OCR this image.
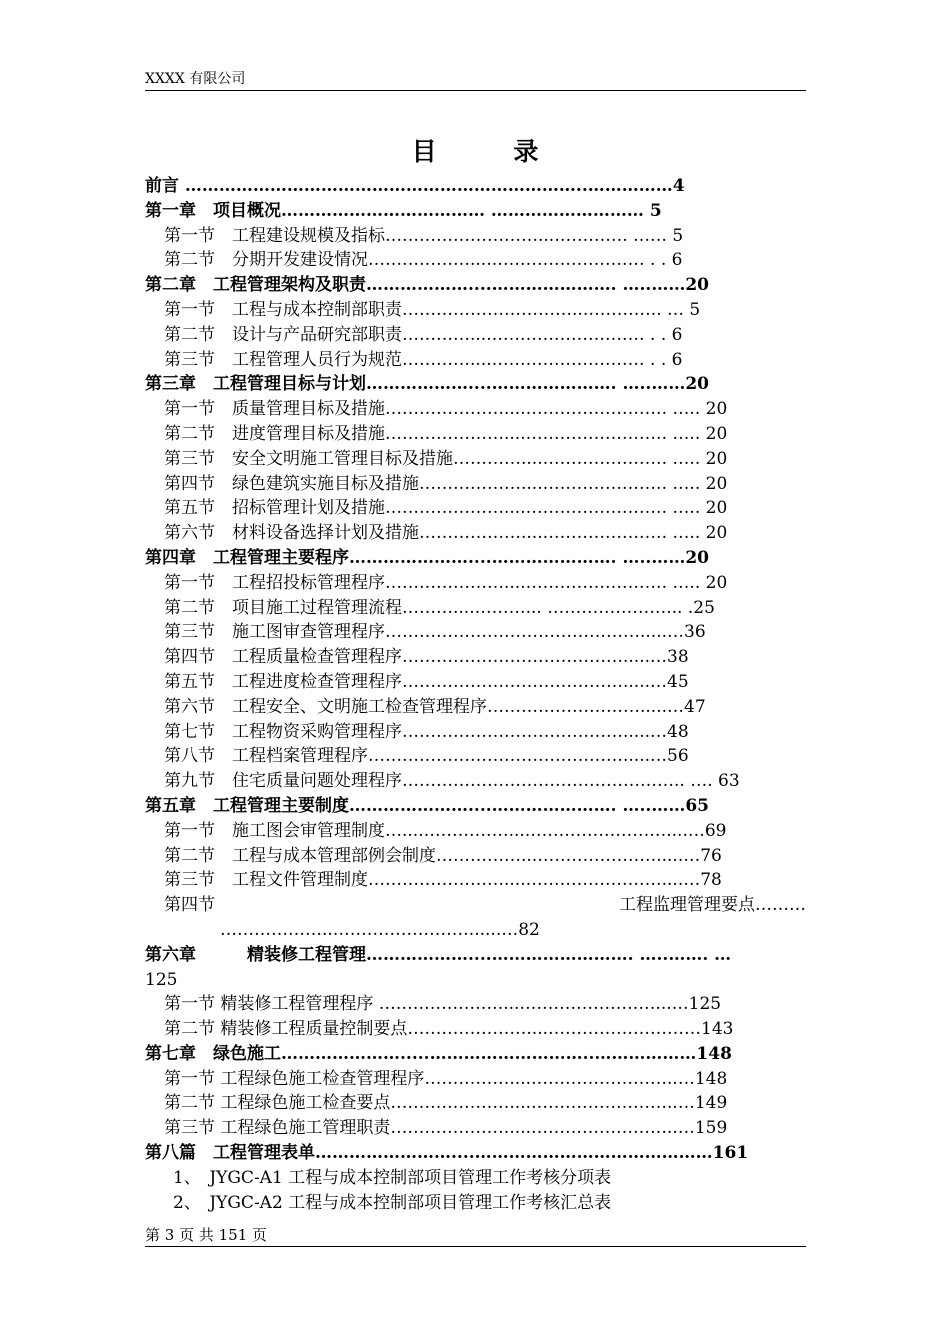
XXXX 有限公司
目 录
前言 ……………………………………………………………..……………4
第一章　项目概况……………………………… ……………………… 5
第一节　工程建设规模及指标………………………...…………. …… 5
第二节　分期开发建设情况………………....……………………… . . 6
第二章　工程管理架构及职责………………....…………………. …..……20
第一节　工程与成本控制部职责…………………………..………….. … 5
第二节　设计与产品研究部职责…………....……………………… . . 6
第三节　工程管理人员行为规范…………....……………………… . . 6
第三章　工程管理目标与计划………………....…………………. …..……20
第一节　质量管理目标及措施…………………....……………………. ….. 20
第二节　进度管理目标及措施…………………....……………………. ….. 20
第三节　安全文明施工管理目标及措施…………....…………………. ….. 20
第四节　绿色建筑实施目标及措施………………....…………………. ….. 20
第五节　招标管理计划及措施…………………....……………………. ….. 20
第六节　材料设备选择计划及措施………………....…………………. ….. 20
第四章　工程管理主要程序…………………....…………………. …..……20
第一节　工程招投标管理程序…………………....……………………. ….. 20
第二节　项目施工过程管理流程………....………... …………………... .25
第三节　施工图审查管理程序……………………………………….....…36
第四节　工程质量检查管理程序………………………………….....…38
第五节　工程进度检查管理程序………………………………….....…45
第六节　工程安全、文明施工检查管理程序……………………….....…47
第七节　工程物资采购管理程序………………………………….....…48
第八节　工程档案管理程序……………………………………….....…56
第九节　住宅质量问题处理程序………………………………………….. …. 63
第五章　工程管理主要制度…………………....…………………. …..……65
第一节　施工图会审管理制度…....……………....……………………....…69
第二节　工程与成本管理部例会制度……………...………………….....…76
第三节　工程文件管理制度……………………....……………………....…78
第四节	工程监理管理要点………
………………..……………………......…82
第六章　　　精装修工程管理………………....……………………. …..……. …
125
第一节 精装修工程管理程序 …………………....……………………...…125
第二节 精装修工程质量控制要点…………………....………………………143
第七章　绿色施工………………….....………………………..………………148
第一节 工程绿色施工检查管理程序……………....……………………..…148
第二节 工程绿色施工检查要点…………………....……………………..…149
第三节 工程绿色施工管理职责…………………....……………………..…159
第八篇　工程管理表单……………………....……………………………………161
1、　JYGC-A1 工程与成本控制部项目管理工作考核分项表
2、　JYGC-A2 工程与成本控制部项目管理工作考核汇总表
第 3 页 共 151 页
